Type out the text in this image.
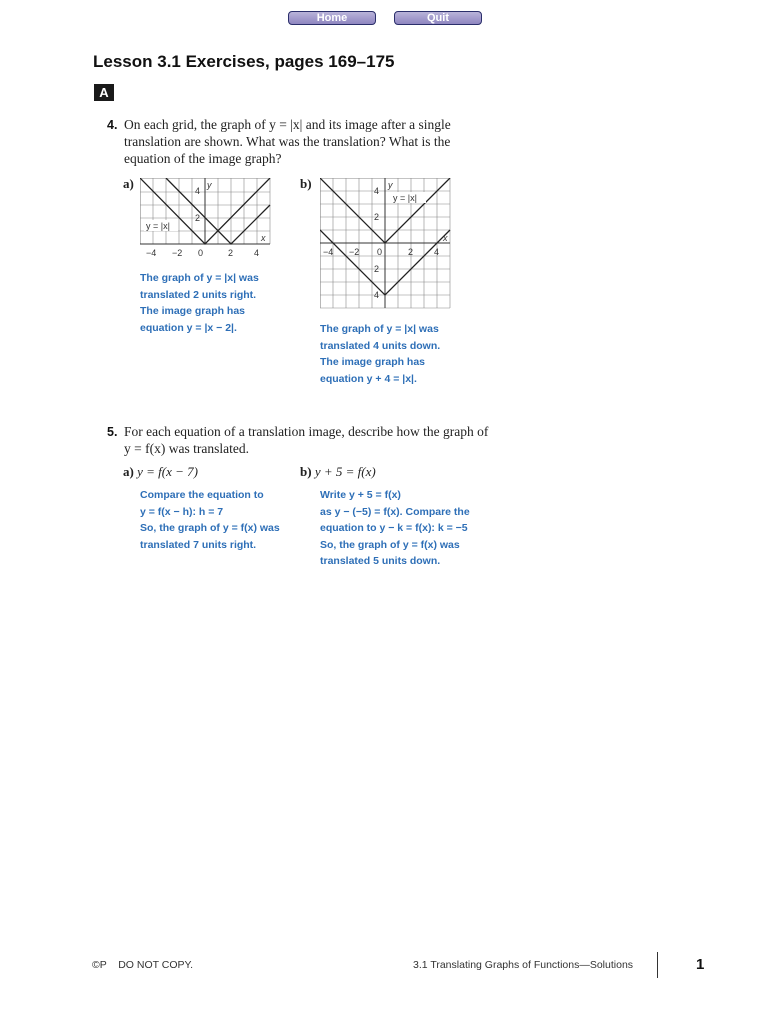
Home	Quit
Lesson 3.1 Exercises, pages 169–175
A
4. On each grid, the graph of y = |x| and its image after a single
translation are shown. What was the translation? What is the
equation of the image graph?
a)	b)
y = |x|
y
x
4
2
−4 −2 0	2 4
The graph of y = |x| was
translated 2 units right.
The image graph has
equation y = |x − 2|.
y = |x|
y
x
4
2
2
4
−4 −2 0	2 4
The graph of y = |x| was
translated 4 units down.
The image graph has
equation y + 4 = |x|.
5. For each equation of a translation image, describe how the graph of
y = f(x) was translated.
a) y = f(x − 7)	b) y + 5 = f(x)
Compare the equation to
y = f(x − h): h = 7
So, the graph of y = f(x) was
translated 7 units right.
Write y + 5 = f(x)
as y − (−5) = f(x). Compare the
equation to y − k = f(x): k = −5
So, the graph of y = f(x) was
translated 5 units down.
©P    DO NOT COPY.	3.1 Translating Graphs of Functions—Solutions	1
